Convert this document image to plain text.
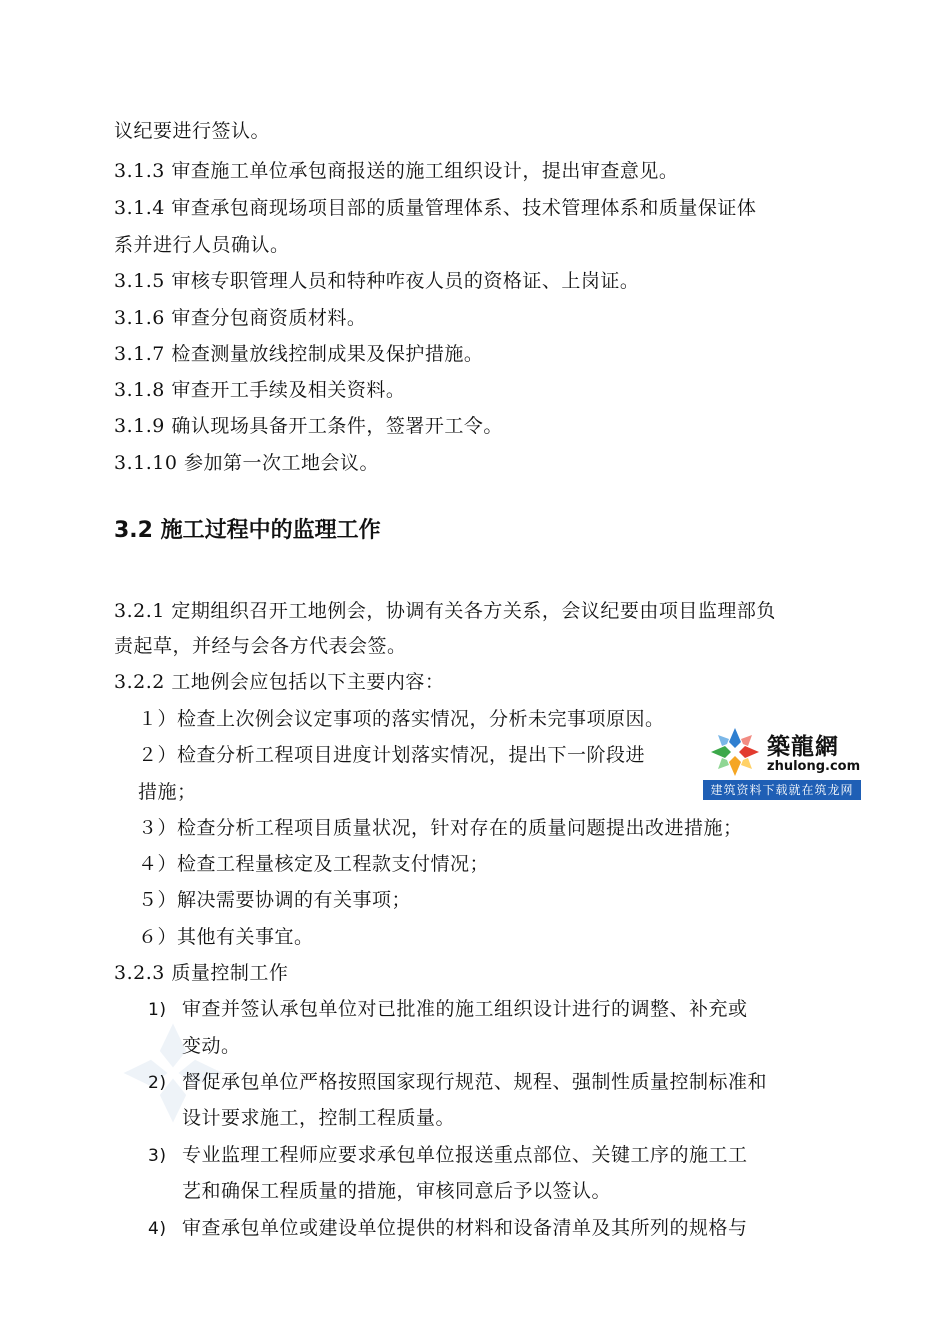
议纪要进行签认。
3.1.3 审查施工单位承包商报送的施工组织设计，提出审查意见。
3.1.4 审查承包商现场项目部的质量管理体系、技术管理体系和质量保证体
系并进行人员确认。
3.1.5 审核专职管理人员和特种咋夜人员的资格证、上岗证。
3.1.6 审查分包商资质材料。
3.1.7 检查测量放线控制成果及保护措施。
3.1.8 审查开工手续及相关资料。
3.1.9 确认现场具备开工条件，签署开工令。
3.1.10 参加第一次工地会议。
3.2 施工过程中的监理工作
3.2.1 定期组织召开工地例会，协调有关各方关系，会议纪要由项目监理部负
责起草，并经与会各方代表会签。
3.2.2 工地例会应包括以下主要内容：
１）检查上次例会议定事项的落实情况，分析未完事项原因。
２）检查分析工程项目进度计划落实情况，提出下一阶段进
措施；
３）检查分析工程项目质量状况，针对存在的质量问题提出改进措施；
４）检查工程量核定及工程款支付情况；
５）解决需要协调的有关事项；
６）其他有关事宜。
3.2.3 质量控制工作
1) 审查并签认承包单位对已批准的施工组织设计进行的调整、补充或
变动。
2) 督促承包单位严格按照国家现行规范、规程、强制性质量控制标准和
设计要求施工，控制工程质量。
3) 专业监理工程师应要求承包单位报送重点部位、关键工序的施工工
艺和确保工程质量的措施，审核同意后予以签认。
4) 审查承包单位或建设单位提供的材料和设备清单及其所列的规格与
築龍網
zhulong.com
建筑资料下载就在筑龙网
